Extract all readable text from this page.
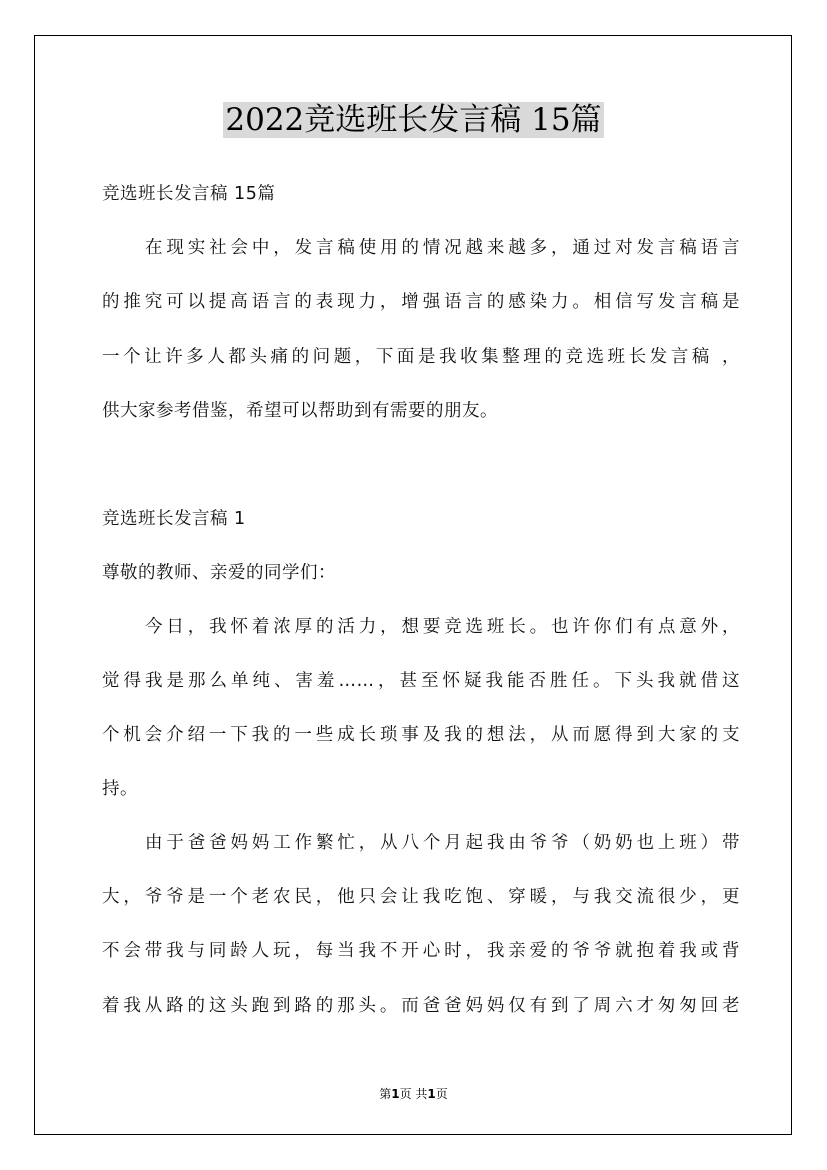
2022竞选班长发言稿 15篇
竞选班长发言稿 15篇
在现实社会中，发言稿使用的情况越来越多，通过对发言稿语言
的推究可以提高语言的表现力，增强语言的感染力。相信写发言稿是
一个让许多人都头痛的问题，下面是我收集整理的竞选班长发言稿 ，
供大家参考借鉴，希望可以帮助到有需要的朋友。
竞选班长发言稿 1
尊敬的教师、亲爱的同学们：
今日，我怀着浓厚的活力，想要竞选班长。也许你们有点意外，
觉得我是那么单纯、害羞……，甚至怀疑我能否胜任。下头我就借这
个机会介绍一下我的一些成长琐事及我的想法，从而愿得到大家的支
持。
由于爸爸妈妈工作繁忙，从八个月起我由爷爷（奶奶也上班）带
大，爷爷是一个老农民，他只会让我吃饱、穿暖，与我交流很少，更
不会带我与同龄人玩，每当我不开心时，我亲爱的爷爷就抱着我或背
着我从路的这头跑到路的那头。而爸爸妈妈仅有到了周六才匆匆回老
第1页 共1页
